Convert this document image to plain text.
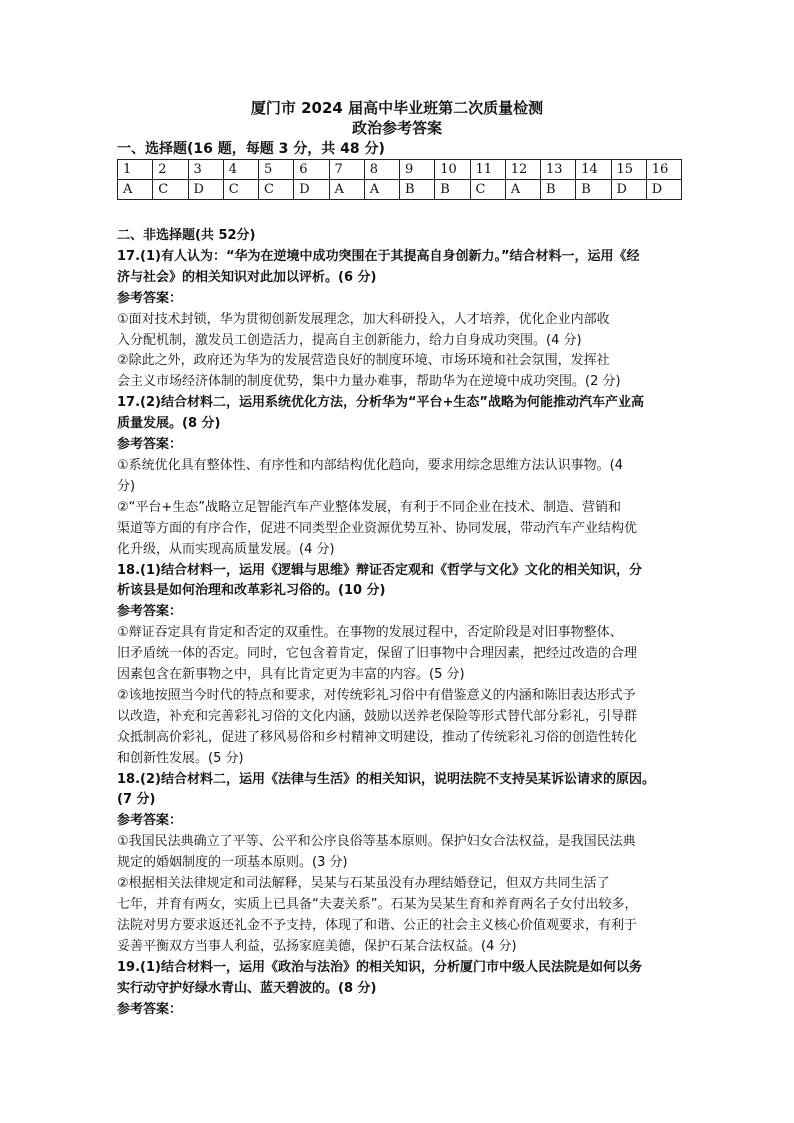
厦门市 2024 届高中毕业班第二次质量检测
政治参考答案
一、选择题(16 题，每题 3 分，共 48 分)
1	2	3	4	5	6	7	8	9	10	11	12	13	14	15	16
A	C	D	C	C	D	A	A	B	B	C	A	B	B	D	D

二、非选择题(共 52分)

17.(1)有人认为：“华为在逆境中成功突围在于其提高自身创新力。”结合材料一，运用《经

济与社会》的相关知识对此加以评析。(6 分)

参考答案：

①面对技术封锁，华为贯彻创新发展理念，加大科研投入，人才培养，优化企业内部收

入分配机制，激发员工创造活力，提高自主创新能力，给力自身成功突围。(4 分)

②除此之外，政府还为华为的发展营造良好的制度环境、市场环境和社会氛围，发挥社

会主义市场经济体制的制度优势，集中力量办难事，帮助华为在逆境中成功突围。(2 分)

17.(2)结合材料二，运用系统优化方法，分析华为“平台+生态”战略为何能推动汽车产业高

质量发展。(8 分)

参考答案：

①系统优化具有整体性、有序性和内部结构优化趋向，要求用综念思维方法认识事物。(4

分)

②“平台+生态”战略立足智能汽车产业整体发展，有利于不同企业在技术、制造、营销和

渠道等方面的有序合作，促进不同类型企业资源优势互补、协同发展，带动汽车产业结构优

化升级，从而实现高质量发展。(4 分)

18.(1)结合材料一，运用《逻辑与思维》辩证否定观和《哲学与文化》文化的相关知识，分

析该县是如何治理和改革彩礼习俗的。(10 分)

参考答案：

①辩证吞定具有肯定和否定的双重性。在事物的发展过程中，否定阶段是对旧事物整体、

旧矛盾统一体的否定。同时，它包含着肯定，保留了旧事物中合理因素，把经过改造的合理

因素包含在新事物之中，具有比肯定更为丰富的内容。(5 分)

②该地按照当今时代的特点和要求，对传统彩礼习俗中有借鉴意义的内涵和陈旧表达形式予

以改造，补充和完善彩礼习俗的文化内涵，鼓励以送养老保险等形式替代部分彩礼，引导群

众抵制高价彩礼，促进了移风易俗和乡村精神文明建设，推动了传统彩礼习俗的创造性转化

和创新性发展。(5 分)

18.(2)结合材料二，运用《法律与生活》的相关知识，说明法院不支持吴某诉讼请求的原因。

(7 分)

参考答案：

①我国民法典确立了平等、公平和公序良俗等基本原则。保护妇女合法权益，是我国民法典

规定的婚姻制度的一项基本原则。(3 分)

②根据相关法律规定和司法解释，吴某与石某虽没有办理结婚登记，但双方共同生活了

七年，并育有两女，实质上已具备“夫妻关系”。石某为吴某生育和养育两名子女付出较多，

法院对男方要求返还礼金不予支持，体现了和谐、公正的社会主义核心价值观要求，有利于

妥善平衡双方当事人利益，弘扬家庭美德，保护石某合法权益。(4 分)

19.(1)结合材料一，运用《政治与法治》的相关知识，分析厦门市中级人民法院是如何以务

实行动守护好绿水青山、蓝天碧波的。(8 分)

参考答案：
